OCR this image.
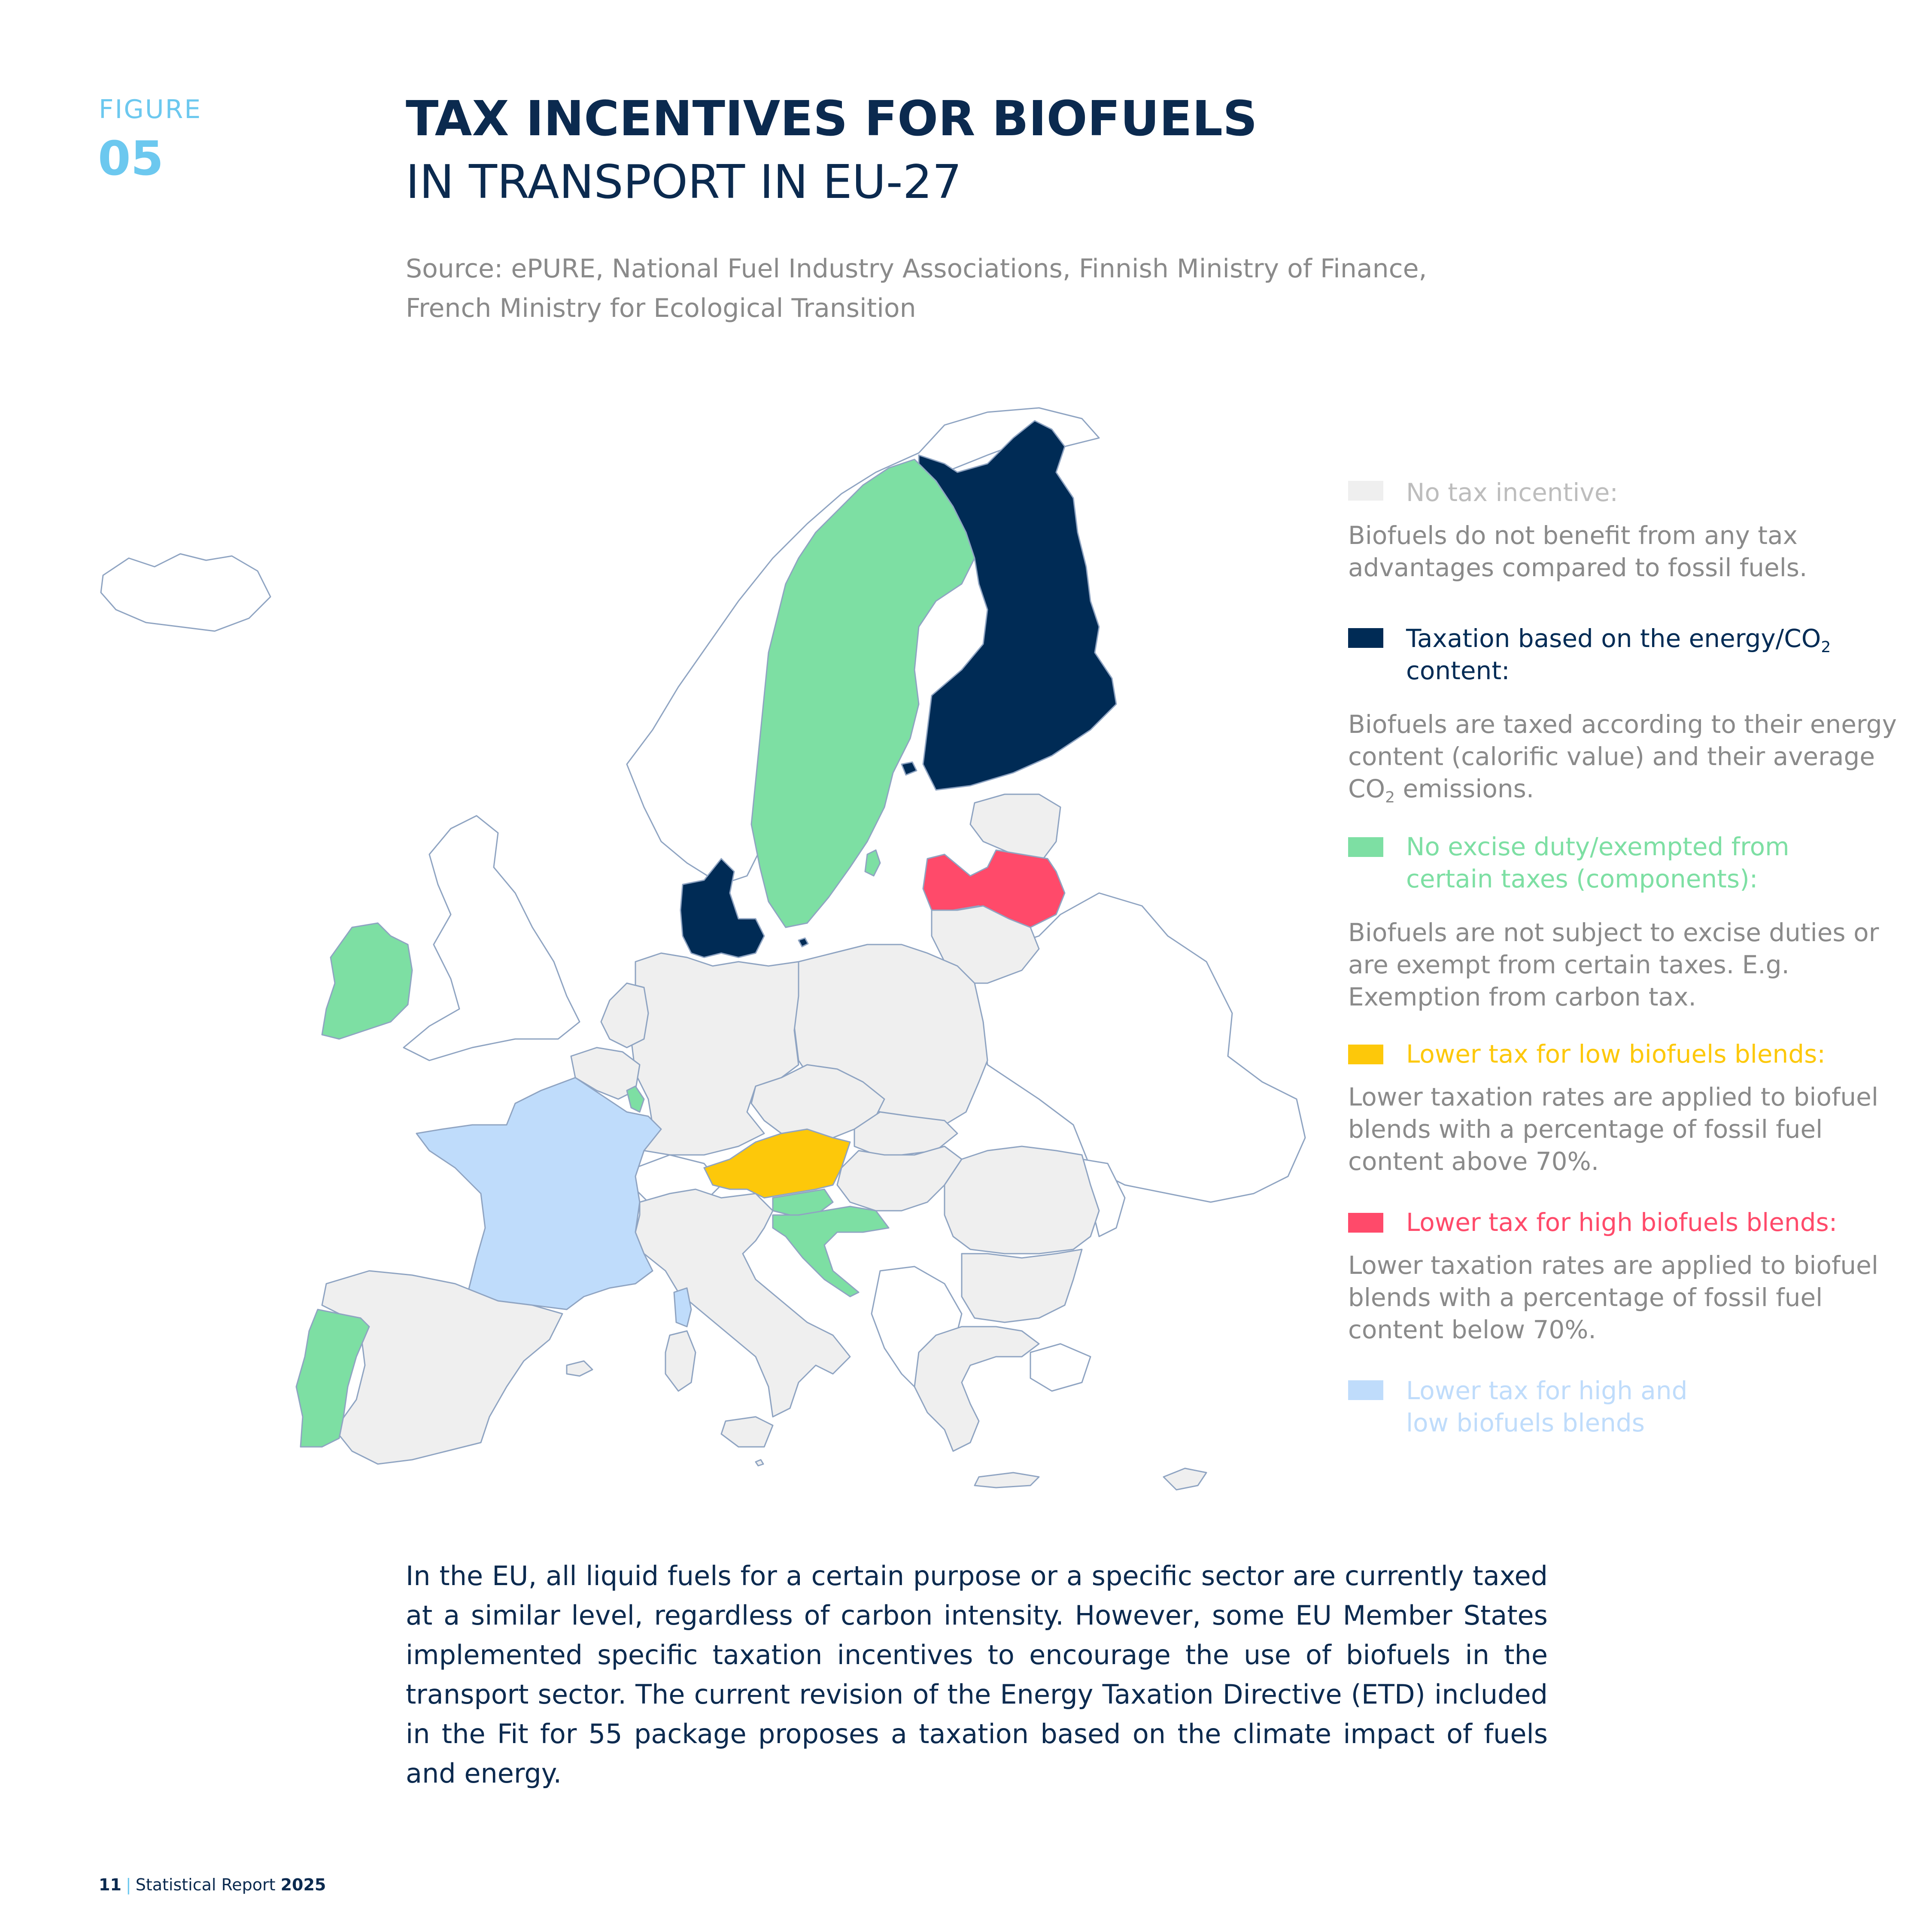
FIGURE
05
TAX INCENTIVES FOR BIOFUELS
IN TRANSPORT IN EU-27
Source: ePURE, National Fuel Industry Associations, Finnish Ministry of Finance,
French Ministry for Ecological Transition
No tax incentive:
Biofuels do not benefit from any tax advantages compared to fossil fuels.
Taxation based on the energy/$CO_2$
content:
Biofuels are taxed according to their energy content (calorific value) and their average $CO_2$ emissions.
No excise duty/exempted from certain taxes (components):
Biofuels are not subject to excise duties or are exempt from certain taxes. E.g. Exemption from carbon tax.
Lower tax for low biofuels blends:
Lower taxation rates are applied to biofuel blends with a percentage of fossil fuel content above 70%.
Lower tax for high biofuels blends:
Lower taxation rates are applied to biofuel blends with a percentage of fossil fuel content below 70%.
Lower tax for high and low biofuels blends
In the EU, all liquid fuels for a certain purpose or a specific sector are currently taxed at a similar level, regardless of carbon intensity. However, some EU Member States implemented specific taxation incentives to encourage the use of biofuels in the transport sector. The current revision of the Energy Taxation Directive (ETD) included in the Fit for 55 package proposes a taxation based on the climate impact of fuels and energy.
11 | Statistical Report 2025
